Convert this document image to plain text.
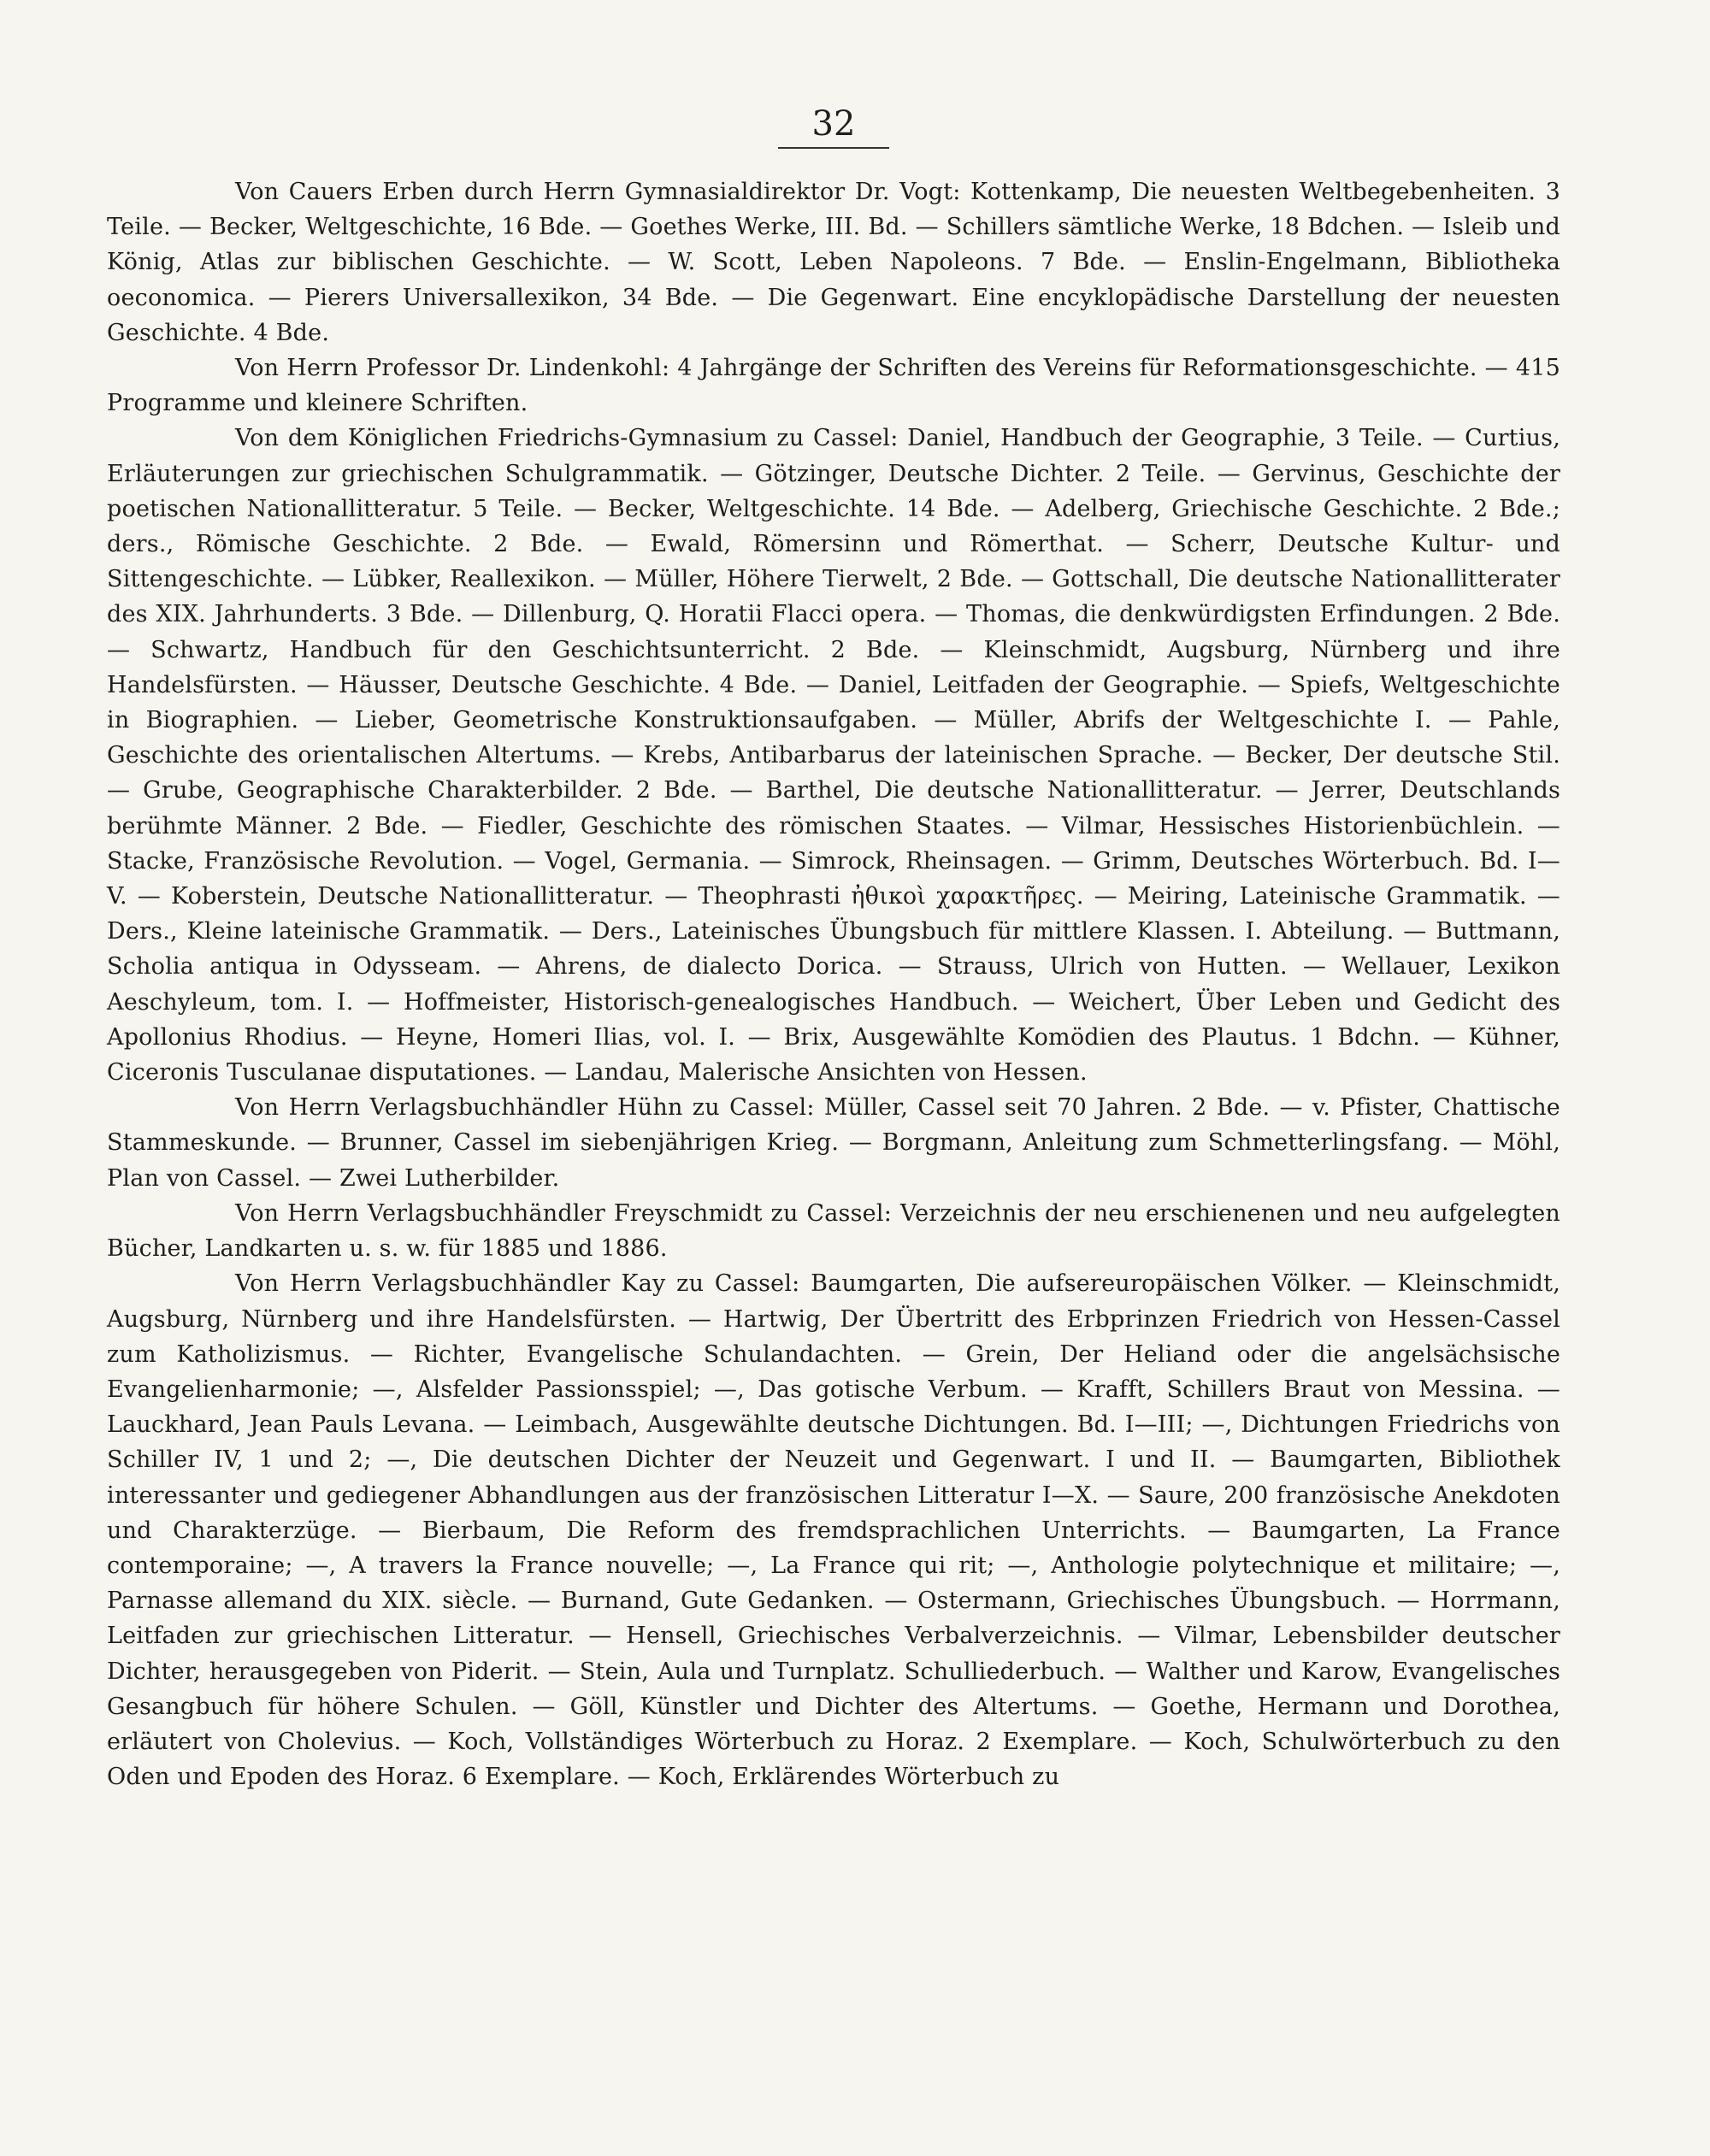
32

Von Cauers Erben durch Herrn Gymnasialdirektor Dr. Vogt: Kottenkamp, Die neuesten Weltbegebenheiten. 3 Teile. — Becker, Weltgeschichte, 16 Bde. — Goethes Werke, III. Bd. — Schillers sämtliche Werke, 18 Bdchen. — Isleib und König, Atlas zur biblischen Geschichte. — W. Scott, Leben Napoleons. 7 Bde. — Enslin-Engelmann, Bibliotheka oeconomica. — Pierers Universallexikon, 34 Bde. — Die Gegenwart. Eine encyklopädische Darstellung der neuesten Geschichte. 4 Bde.

Von Herrn Professor Dr. Lindenkohl: 4 Jahrgänge der Schriften des Vereins für Reformationsgeschichte. — 415 Programme und kleinere Schriften.

Von dem Königlichen Friedrichs-Gymnasium zu Cassel: Daniel, Handbuch der Geographie, 3 Teile. — Curtius, Erläuterungen zur griechischen Schulgrammatik. — Götzinger, Deutsche Dichter. 2 Teile. — Gervinus, Geschichte der poetischen Nationallitteratur. 5 Teile. — Becker, Weltgeschichte. 14 Bde. — Adelberg, Griechische Geschichte. 2 Bde.; ders., Römische Geschichte. 2 Bde. — Ewald, Römersinn und Römerthat. — Scherr, Deutsche Kultur- und Sittengeschichte. — Lübker, Reallexikon. — Müller, Höhere Tierwelt, 2 Bde. — Gottschall, Die deutsche Nationallitterater des XIX. Jahrhunderts. 3 Bde. — Dillenburg, Q. Horatii Flacci opera. — Thomas, die denkwürdigsten Erfindungen. 2 Bde. — Schwartz, Handbuch für den Geschichtsunterricht. 2 Bde. — Kleinschmidt, Augsburg, Nürnberg und ihre Handelsfürsten. — Häusser, Deutsche Geschichte. 4 Bde. — Daniel, Leitfaden der Geographie. — Spiefs, Weltgeschichte in Biographien. — Lieber, Geometrische Konstruktionsaufgaben. — Müller, Abrifs der Weltgeschichte I. — Pahle, Geschichte des orientalischen Altertums. — Krebs, Antibarbarus der lateinischen Sprache. — Becker, Der deutsche Stil. — Grube, Geographische Charakterbilder. 2 Bde. — Barthel, Die deutsche Nationallitteratur. — Jerrer, Deutschlands berühmte Männer. 2 Bde. — Fiedler, Geschichte des römischen Staates. — Vilmar, Hessisches Historienbüchlein. — Stacke, Französische Revolution. — Vogel, Germania. — Simrock, Rheinsagen. — Grimm, Deutsches Wörterbuch. Bd. I—V. — Koberstein, Deutsche Nationallitteratur. — Theophrasti ἠθικοὶ χαρακτῆρες. — Meiring, Lateinische Grammatik. — Ders., Kleine lateinische Grammatik. — Ders., Lateinisches Übungsbuch für mittlere Klassen. I. Abteilung. — Buttmann, Scholia antiqua in Odysseam. — Ahrens, de dialecto Dorica. — Strauss, Ulrich von Hutten. — Wellauer, Lexikon Aeschyleum, tom. I. — Hoffmeister, Historisch-genealogisches Handbuch. — Weichert, Über Leben und Gedicht des Apollonius Rhodius. — Heyne, Homeri Ilias, vol. I. — Brix, Ausgewählte Komödien des Plautus. 1 Bdchn. — Kühner, Ciceronis Tusculanae disputationes. — Landau, Malerische Ansichten von Hessen.

Von Herrn Verlagsbuchhändler Hühn zu Cassel: Müller, Cassel seit 70 Jahren. 2 Bde. — v. Pfister, Chattische Stammeskunde. — Brunner, Cassel im siebenjährigen Krieg. — Borgmann, Anleitung zum Schmetterlingsfang. — Möhl, Plan von Cassel. — Zwei Lutherbilder.

Von Herrn Verlagsbuchhändler Freyschmidt zu Cassel: Verzeichnis der neu erschienenen und neu aufgelegten Bücher, Landkarten u. s. w. für 1885 und 1886.

Von Herrn Verlagsbuchhändler Kay zu Cassel: Baumgarten, Die aufsereuropäischen Völker. — Kleinschmidt, Augsburg, Nürnberg und ihre Handelsfürsten. — Hartwig, Der Übertritt des Erbprinzen Friedrich von Hessen-Cassel zum Katholizismus. — Richter, Evangelische Schulandachten. — Grein, Der Heliand oder die angelsächsische Evangelienharmonie; —, Alsfelder Passionsspiel; —, Das gotische Verbum. — Krafft, Schillers Braut von Messina. — Lauckhard, Jean Pauls Levana. — Leimbach, Ausgewählte deutsche Dichtungen. Bd. I—III; —, Dichtungen Friedrichs von Schiller IV, 1 und 2; —, Die deutschen Dichter der Neuzeit und Gegenwart. I und II. — Baumgarten, Bibliothek interessanter und gediegener Abhandlungen aus der französischen Litteratur I—X. — Saure, 200 französische Anekdoten und Charakterzüge. — Bierbaum, Die Reform des fremdsprachlichen Unterrichts. — Baumgarten, La France contemporaine; —, A travers la France nouvelle; —, La France qui rit; —, Anthologie polytechnique et militaire; —, Parnasse allemand du XIX. siècle. — Burnand, Gute Gedanken. — Ostermann, Griechisches Übungsbuch. — Horrmann, Leitfaden zur griechischen Litteratur. — Hensell, Griechisches Verbalverzeichnis. — Vilmar, Lebensbilder deutscher Dichter, herausgegeben von Piderit. — Stein, Aula und Turnplatz. Schulliederbuch. — Walther und Karow, Evangelisches Gesangbuch für höhere Schulen. — Göll, Künstler und Dichter des Altertums. — Goethe, Hermann und Dorothea, erläutert von Cholevius. — Koch, Vollständiges Wörterbuch zu Horaz. 2 Exemplare. — Koch, Schulwörterbuch zu den Oden und Epoden des Horaz. 6 Exemplare. — Koch, Erklärendes Wörterbuch zu
